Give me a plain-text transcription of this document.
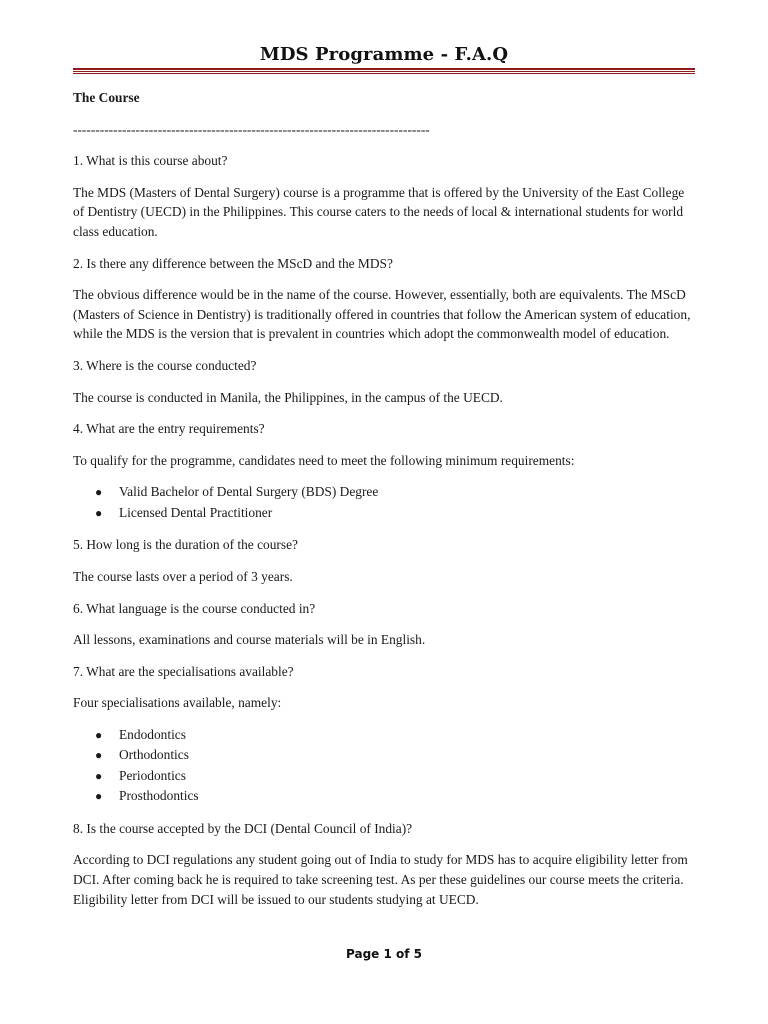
MDS Programme - F.A.Q

The Course

--------------------------------------------------------------------------------

1. What is this course about?

The MDS (Masters of Dental Surgery) course is a programme that is offered by the University of the East College of Dentistry (UECD) in the Philippines. This course caters to the needs of local & international students for world class education.

2. Is there any difference between the MScD and the MDS?

The obvious difference would be in the name of the course. However, essentially, both are equivalents. The MScD (Masters of Science in Dentistry) is traditionally offered in countries that follow the American system of education, while the MDS is the version that is prevalent in countries which adopt the commonwealth model of education.

3. Where is the course conducted?

The course is conducted in Manila, the Philippines, in the campus of the UECD.

4. What are the entry requirements?

To qualify for the programme, candidates need to meet the following minimum requirements:

● Valid Bachelor of Dental Surgery (BDS) Degree
● Licensed Dental Practitioner

5. How long is the duration of the course?

The course lasts over a period of 3 years.

6. What language is the course conducted in?

All lessons, examinations and course materials will be in English.

7. What are the specialisations available?

Four specialisations available, namely:

● Endodontics
● Orthodontics
● Periodontics
● Prosthodontics

8. Is the course accepted by the DCI (Dental Council of India)?

According to DCI regulations any student going out of India to study for MDS has to acquire eligibility letter from DCI. After coming back he is required to take screening test. As per these guidelines our course meets the criteria. Eligibility letter from DCI will be issued to our students studying at UECD.

Page 1 of 5
